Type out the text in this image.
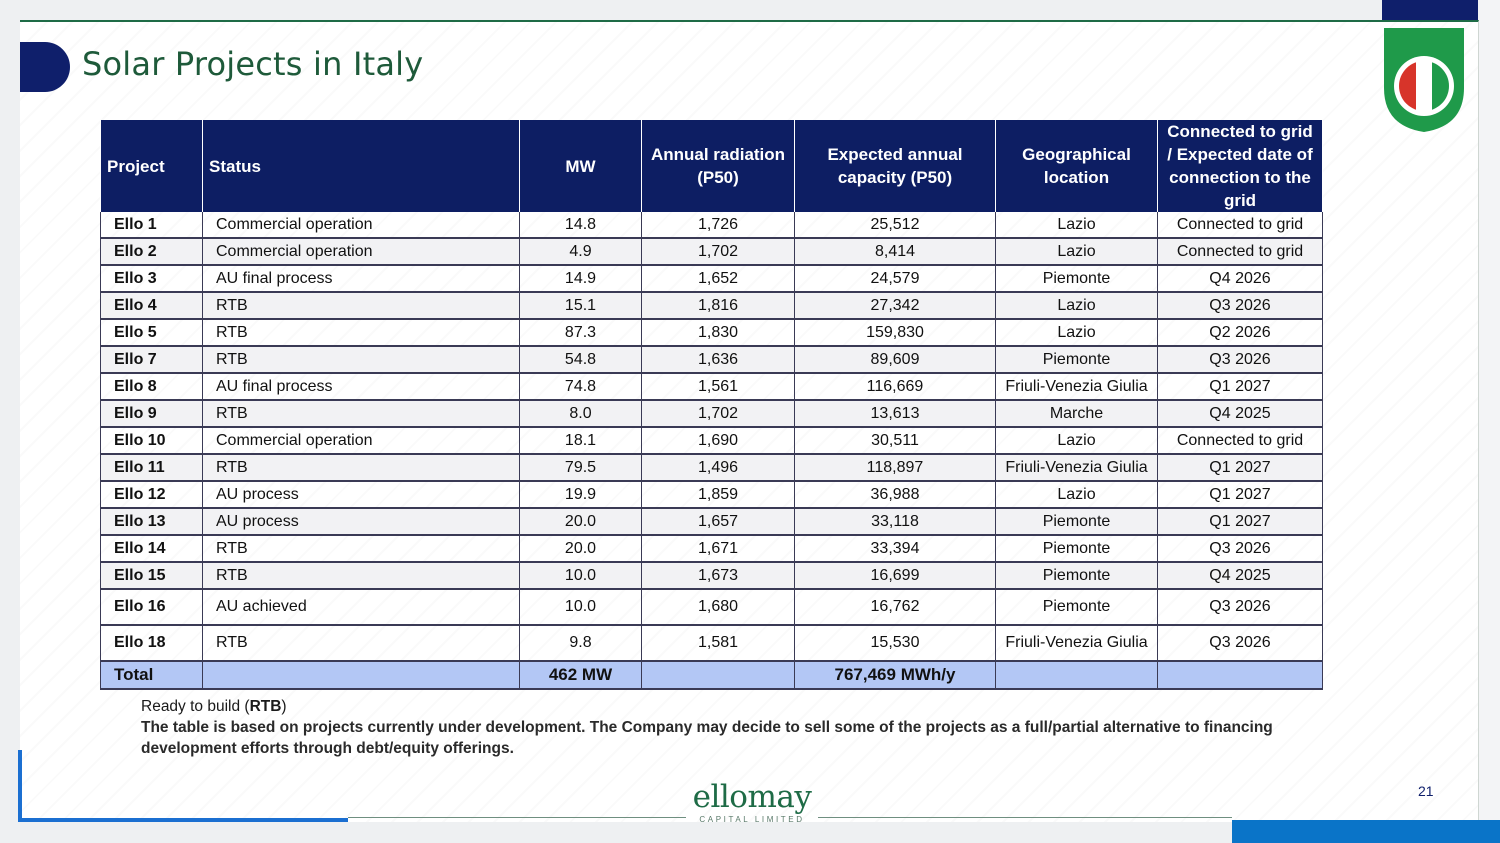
Solar Projects in Italy
Project	Status	MW	Annual radiation (P50)	Expected annual capacity (P50)	Geographical location	Connected to grid / Expected date of connection to the grid
Ello 1	Commercial operation	14.8	1,726	25,512	Lazio	Connected to grid
Ello 2	Commercial operation	4.9	1,702	8,414	Lazio	Connected to grid
Ello 3	AU final process	14.9	1,652	24,579	Piemonte	Q4 2026
Ello 4	RTB	15.1	1,816	27,342	Lazio	Q3 2026
Ello 5	RTB	87.3	1,830	159,830	Lazio	Q2 2026
Ello 7	RTB	54.8	1,636	89,609	Piemonte	Q3 2026
Ello 8	AU final process	74.8	1,561	116,669	Friuli-Venezia Giulia	Q1 2027
Ello 9	RTB	8.0	1,702	13,613	Marche	Q4 2025
Ello 10	Commercial operation	18.1	1,690	30,511	Lazio	Connected to grid
Ello 11	RTB	79.5	1,496	118,897	Friuli-Venezia Giulia	Q1 2027
Ello 12	AU process	19.9	1,859	36,988	Lazio	Q1 2027
Ello 13	AU process	20.0	1,657	33,118	Piemonte	Q1 2027
Ello 14	RTB	20.0	1,671	33,394	Piemonte	Q3 2026
Ello 15	RTB	10.0	1,673	16,699	Piemonte	Q4 2025
Ello 16	AU achieved	10.0	1,680	16,762	Piemonte	Q3 2026
Ello 18	RTB	9.8	1,581	15,530	Friuli-Venezia Giulia	Q3 2026
Total		462 MW		767,469 MWh/y		
Ready to build (RTB)
The table is based on projects currently under development. The Company may decide to sell some of the projects as a full/partial alternative to financing development efforts through debt/equity offerings.
ellomay
CAPITAL LIMITED
21
